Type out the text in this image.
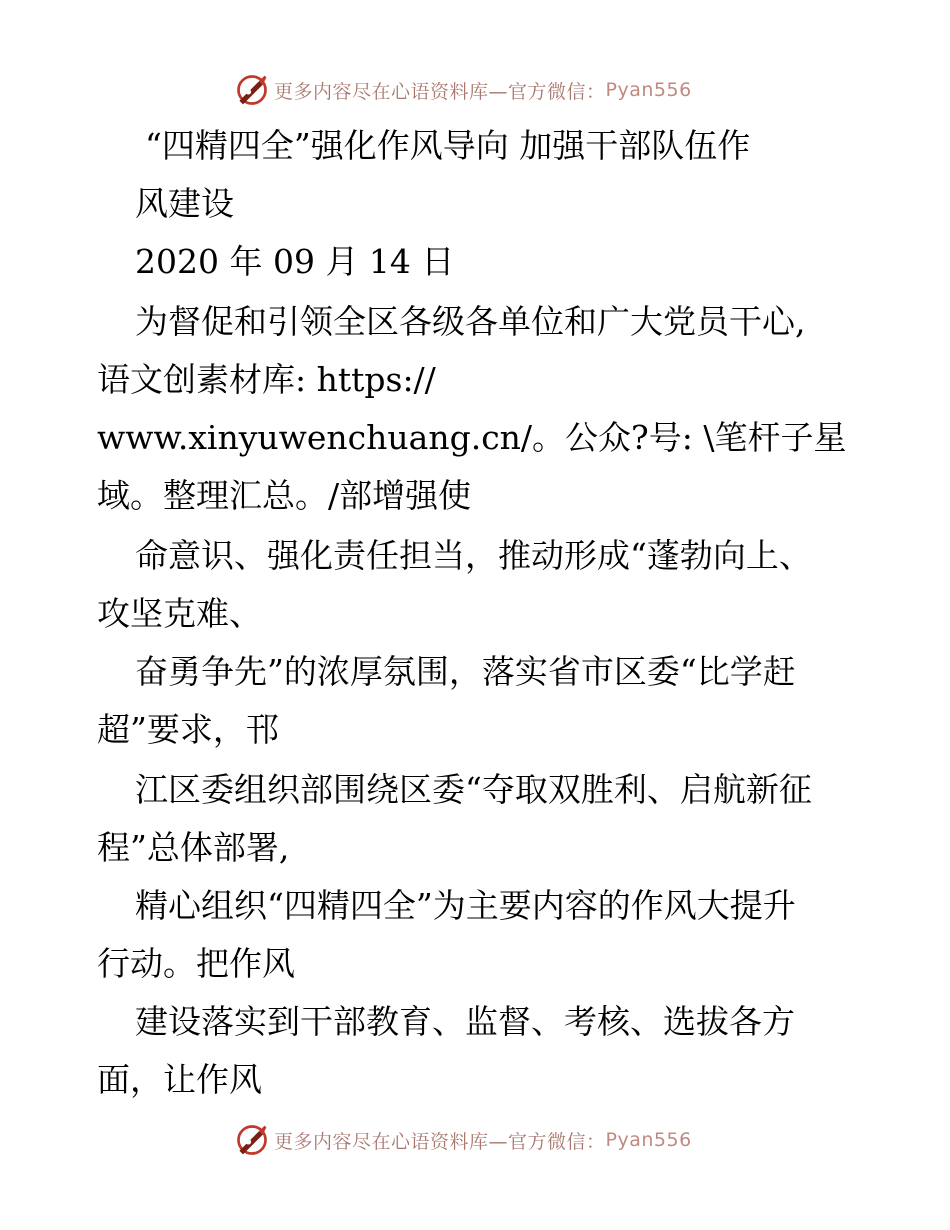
更多内容尽在心语资料库—官方微信： Pyan556
“四精四全”强化作风导向 加强干部队伍作
风建设
2020 年 09 月 14 日
为督促和引领全区各级各单位和广大党员干心,
语文创素材库: https://
www.xinyuwenchuang.cn/。公众?号: \笔杆子星
域。整理汇总。/部增强使
命意识、强化责任担当，推动形成“蓬勃向上、
攻坚克难、
奋勇争先”的浓厚氛围，落实省市区委“比学赶
超”要求，邗
江区委组织部围绕区委“夺取双胜利、启航新征
程”总体部署,
精心组织“四精四全”为主要内容的作风大提升
行动。把作风
建设落实到干部教育、监督、考核、选拔各方
面，让作风
更多内容尽在心语资料库—官方微信： Pyan556
